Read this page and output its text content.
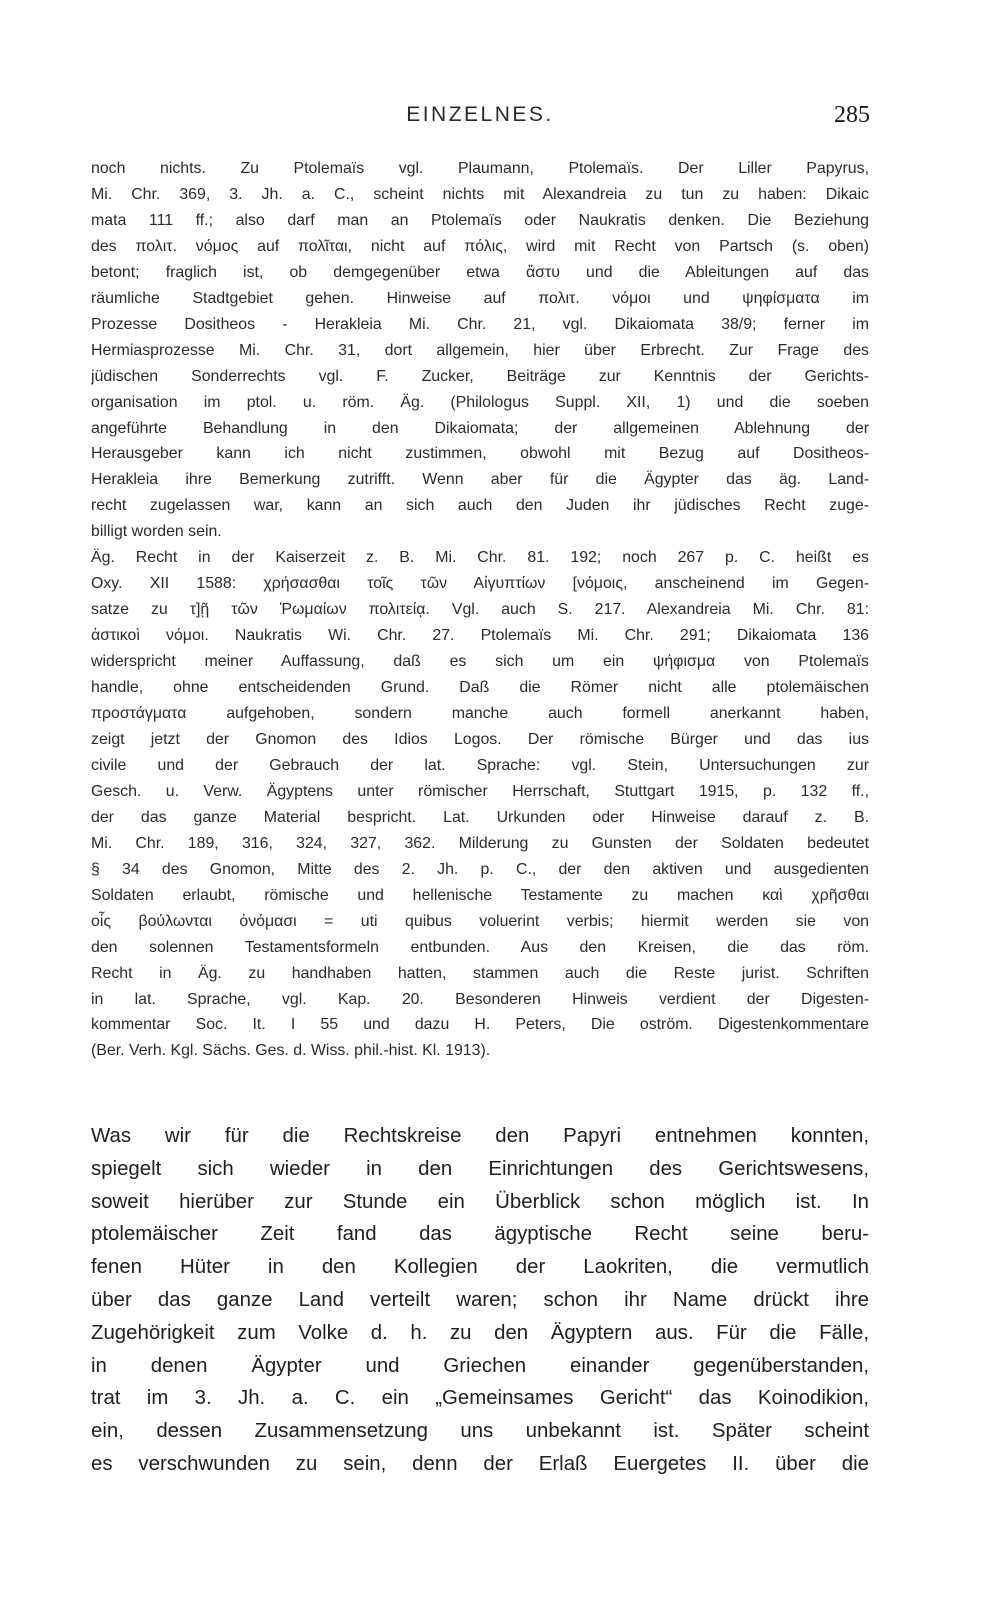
EINZELNES.	285
noch nichts. Zu Ptolemaïs vgl. Plaumann, Ptolemaïs. Der Liller Papyrus,
Mi. Chr. 369, 3. Jh. a. C., scheint nichts mit Alexandreia zu tun zu haben: Dikaic
mata 111 ff.; also darf man an Ptolemaïs oder Naukratis denken. Die Beziehung
des πολιτ. νόμος auf πολῖται, nicht auf πόλις, wird mit Recht von Partsch (s. oben)
betont; fraglich ist, ob demgegenüber etwa ἄστυ und die Ableitungen auf das
räumliche Stadtgebiet gehen. Hinweise auf πολιτ. νόμοι und ψηφίσματα im
Prozesse Dositheos - Herakleia Mi. Chr. 21, vgl. Dikaiomata 38/9; ferner im
Hermiasprozesse Mi. Chr. 31, dort allgemein, hier über Erbrecht. Zur Frage des
jüdischen Sonderrechts vgl. F. Zucker, Beiträge zur Kenntnis der Gerichts-
organisation im ptol. u. röm. Äg. (Philologus Suppl. XII, 1) und die soeben
angeführte Behandlung in den Dikaiomata; der allgemeinen Ablehnung der
Herausgeber kann ich nicht zustimmen, obwohl mit Bezug auf Dositheos-
Herakleia ihre Bemerkung zutrifft. Wenn aber für die Ägypter das äg. Land-
recht zugelassen war, kann an sich auch den Juden ihr jüdisches Recht zuge-
billigt worden sein.
Äg. Recht in der Kaiserzeit z. B. Mi. Chr. 81. 192; noch 267 p. C. heißt es
Oxy. XII 1588: χρήσασθαι τοῖς τῶν Αἰγυπτίων [νόμοις, anscheinend im Gegen-
satze zu τ]ῇ τῶν Ῥωμαίων πολιτείᾳ. Vgl. auch S. 217. Alexandreia Mi. Chr. 81:
ἀστικοὶ νόμοι. Naukratis Wi. Chr. 27. Ptolemaïs Mi. Chr. 291; Dikaiomata 136
widerspricht meiner Auffassung, daß es sich um ein ψήφισμα von Ptolemaïs
handle, ohne entscheidenden Grund. Daß die Römer nicht alle ptolemäischen
προστάγματα aufgehoben, sondern manche auch formell anerkannt haben,
zeigt jetzt der Gnomon des Idios Logos. Der römische Bürger und das ius
civile und der Gebrauch der lat. Sprache: vgl. Stein, Untersuchungen zur
Gesch. u. Verw. Ägyptens unter römischer Herrschaft, Stuttgart 1915, p. 132 ff.,
der das ganze Material bespricht. Lat. Urkunden oder Hinweise darauf z. B.
Mi. Chr. 189, 316, 324, 327, 362. Milderung zu Gunsten der Soldaten bedeutet
§ 34 des Gnomon, Mitte des 2. Jh. p. C., der den aktiven und ausgedienten
Soldaten erlaubt, römische und hellenische Testamente zu machen καὶ χρῆσθαι
οἷς βούλωνται ὀνόμασι = uti quibus voluerint verbis; hiermit werden sie von
den solennen Testamentsformeln entbunden. Aus den Kreisen, die das röm.
Recht in Äg. zu handhaben hatten, stammen auch die Reste jurist. Schriften
in lat. Sprache, vgl. Kap. 20. Besonderen Hinweis verdient der Digesten-
kommentar Soc. It. I 55 und dazu H. Peters, Die oström. Digestenkommentare
(Ber. Verh. Kgl. Sächs. Ges. d. Wiss. phil.-hist. Kl. 1913).
Was wir für die Rechtskreise den Papyri entnehmen konnten,
spiegelt sich wieder in den Einrichtungen des Gerichtswesens,
soweit hierüber zur Stunde ein Überblick schon möglich ist. In
ptolemäischer Zeit fand das ägyptische Recht seine beru-
fenen Hüter in den Kollegien der Laokriten, die vermutlich
über das ganze Land verteilt waren; schon ihr Name drückt ihre
Zugehörigkeit zum Volke d. h. zu den Ägyptern aus. Für die Fälle,
in denen Ägypter und Griechen einander gegenüberstanden,
trat im 3. Jh. a. C. ein „Gemeinsames Gericht“ das Koinodikion,
ein, dessen Zusammensetzung uns unbekannt ist. Später scheint
es verschwunden zu sein, denn der Erlaß Euergetes II. über die
